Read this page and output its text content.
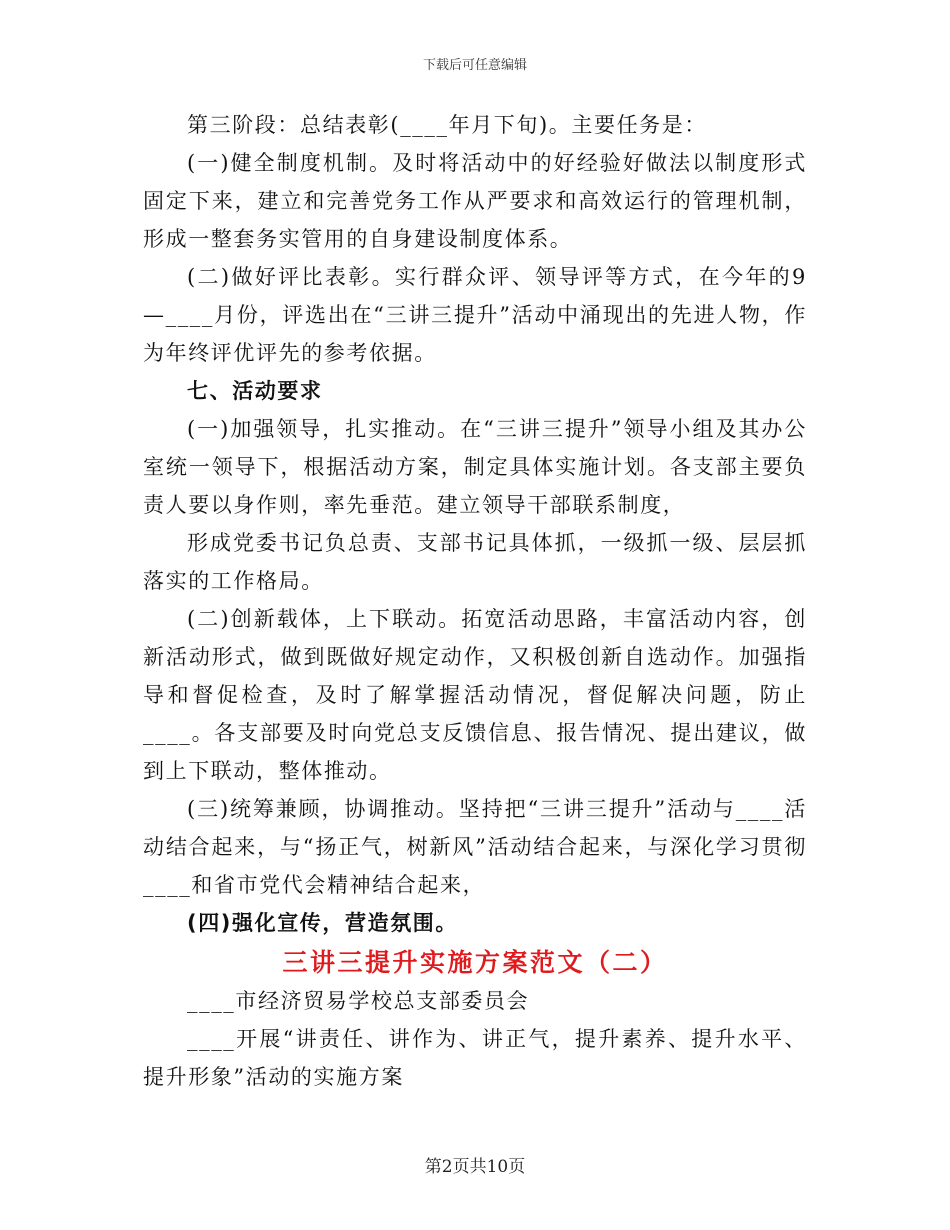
下载后可任意编辑

第三阶段：总结表彰(____年月下旬)。主要任务是：

(一)健全制度机制。及时将活动中的好经验好做法以制度形式固定下来，建立和完善党务工作从严要求和高效运行的管理机制，形成一整套务实管用的自身建设制度体系。

(二)做好评比表彰。实行群众评、领导评等方式，在今年的9—____月份，评选出在“三讲三提升”活动中涌现出的先进人物，作为年终评优评先的参考依据。

七、活动要求

(一)加强领导，扎实推动。在“三讲三提升”领导小组及其办公室统一领导下，根据活动方案，制定具体实施计划。各支部主要负责人要以身作则，率先垂范。建立领导干部联系制度，

形成党委书记负总责、支部书记具体抓，一级抓一级、层层抓落实的工作格局。

(二)创新载体，上下联动。拓宽活动思路，丰富活动内容，创新活动形式，做到既做好规定动作，又积极创新自选动作。加强指导和督促检查，及时了解掌握活动情况，督促解决问题，防止____。各支部要及时向党总支反馈信息、报告情况、提出建议，做到上下联动，整体推动。

(三)统筹兼顾，协调推动。坚持把“三讲三提升”活动与____活动结合起来，与“扬正气，树新风”活动结合起来，与深化学习贯彻____和省市党代会精神结合起来，

(四)强化宣传，营造氛围。

三讲三提升实施方案范文（二）

____市经济贸易学校总支部委员会

____开展“讲责任、讲作为、讲正气，提升素养、提升水平、提升形象”活动的实施方案

第2页共10页
